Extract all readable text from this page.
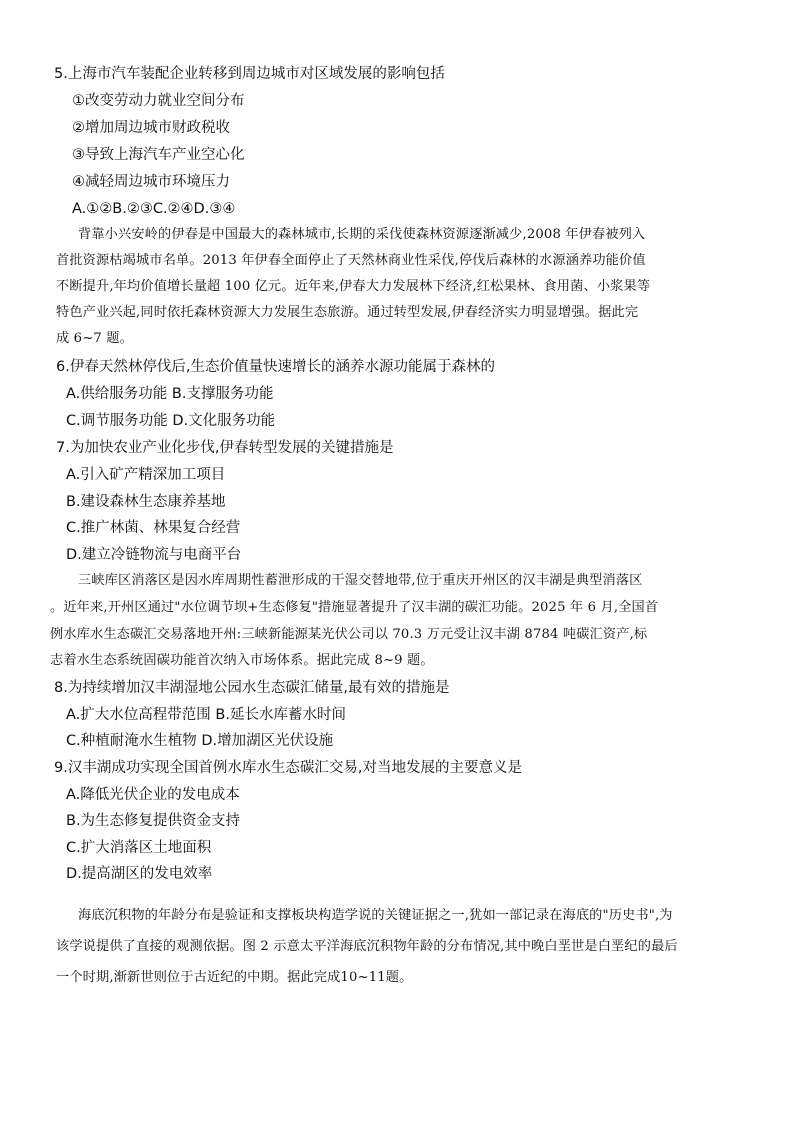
5.上海市汽车装配企业转移到周边城市对区域发展的影响包括
①改变劳动力就业空间分布
②增加周边城市财政税收
③导致上海汽车产业空心化
④减轻周边城市环境压力
A.①②B.②③C.②④D.③④
背靠小兴安岭的伊春是中国最大的森林城市,长期的采伐使森林资源逐渐减少,2008 年伊春被列入
首批资源枯竭城市名单。2013 年伊春全面停止了天然林商业性采伐,停伐后森林的水源涵养功能价值
不断提升,年均价值增长量超 100 亿元。近年来,伊春大力发展林下经济,红松果林、食用菌、小浆果等
特色产业兴起,同时依托森林资源大力发展生态旅游。通过转型发展,伊春经济实力明显增强。据此完
成 6~7 题。
6.伊春天然林停伐后,生态价值量快速增长的涵养水源功能属于森林的
A.供给服务功能 B.支撑服务功能
C.调节服务功能 D.文化服务功能
7.为加快农业产业化步伐,伊春转型发展的关键措施是
A.引入矿产精深加工项目
B.建设森林生态康养基地
C.推广林菌、林果复合经营
D.建立冷链物流与电商平台
三峡库区消落区是因水库周期性蓄泄形成的干湿交替地带,位于重庆开州区的汉丰湖是典型消落区
。近年来,开州区通过"水位调节坝+生态修复"措施显著提升了汉丰湖的碳汇功能。2025 年 6 月,全国首
例水库水生态碳汇交易落地开州:三峡新能源某光伏公司以 70.3 万元受让汉丰湖 8784 吨碳汇资产,标
志着水生态系统固碳功能首次纳入市场体系。据此完成 8~9 题。
8.为持续增加汉丰湖湿地公园水生态碳汇储量,最有效的措施是
A.扩大水位高程带范围 B.延长水库蓄水时间
C.种植耐淹水生植物 D.增加湖区光伏设施
9.汉丰湖成功实现全国首例水库水生态碳汇交易,对当地发展的主要意义是
A.降低光伏企业的发电成本
B.为生态修复提供资金支持
C.扩大消落区土地面积
D.提高湖区的发电效率
海底沉积物的年龄分布是验证和支撑板块构造学说的关键证据之一,犹如一部记录在海底的"历史书",为
该学说提供了直接的观测依据。图 2 示意太平洋海底沉积物年龄的分布情况,其中晚白垩世是白垩纪的最后
一个时期,渐新世则位于古近纪的中期。据此完成10~11题。
